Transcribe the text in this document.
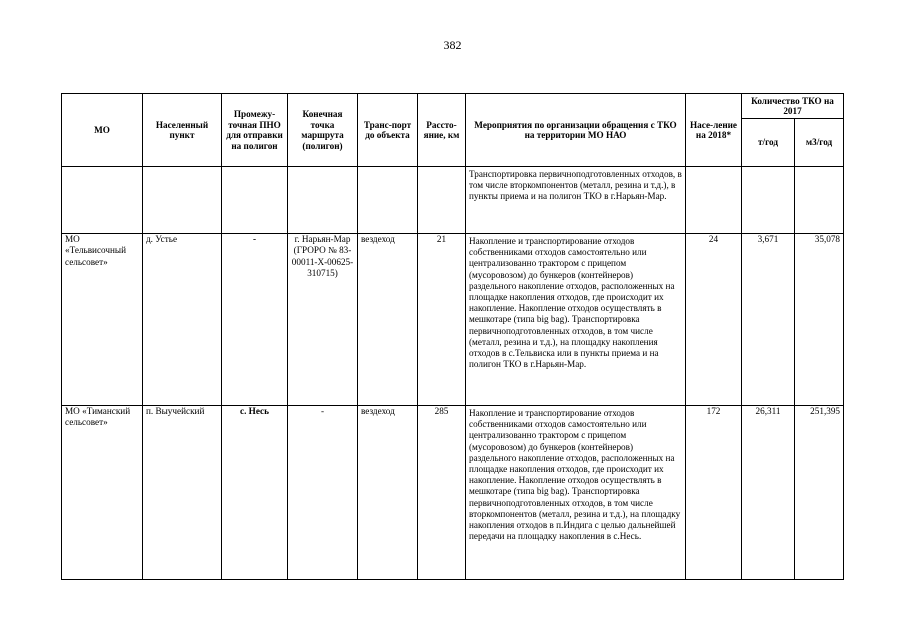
382
МО	Населенный пункт	Промежу-точная ПНО для отправки на полигон	Конечная точка маршрута (полигон)	Транс-порт до объекта	Рассто-яние, км	Мероприятия по организации обращения с ТКО на территории МО НАО	Насе-ление на 2018*	Количество ТКО на 2017	
								т/год	м3/год
						Транспортировка первичноподготовленных отходов, в том числе вторкомпонентов (металл, резина и т.д.), в пункты приема и на полигон ТКО в г.Нарьян-Мар.			
МО «Тельвисочный сельсовет»	д. Устье	-	г. Нарьян-Мар (ГРОРО № 83-00011-Х-00625-310715)	вездеход	21	Накопление и транспортирование отходов собственниками отходов самостоятельно или централизованно трактором с прицепом (мусоровозом) до бункеров (контейнеров) раздельного накопление отходов, расположенных на площадке накопления отходов, где происходит их накопление. Накопление отходов осуществлять в мешкотаре (типа big bag). Транспортировка первичноподготовленных отходов, в том числе (металл, резина и т.д.), на площадку накопления отходов в с.Тельвиска или в пункты приема и на полигон ТКО в г.Нарьян-Мар.	24	3,671	35,078
МО «Тиманский сельсовет»	п. Выучейский	с. Несь	-	вездеход	285	Накопление и транспортирование отходов собственниками отходов самостоятельно или централизованно трактором с прицепом (мусоровозом) до бункеров (контейнеров) раздельного накопление отходов, расположенных на площадке накопления отходов, где происходит их накопление. Накопление отходов осуществлять в мешкотаре (типа big bag). Транспортировка первичноподготовленных отходов, в том числе вторкомпонентов (металл, резина и т.д.), на площадку накопления отходов в п.Индига с целью дальнейшей передачи на площадку накопления в с.Несь.	172	26,311	251,395
